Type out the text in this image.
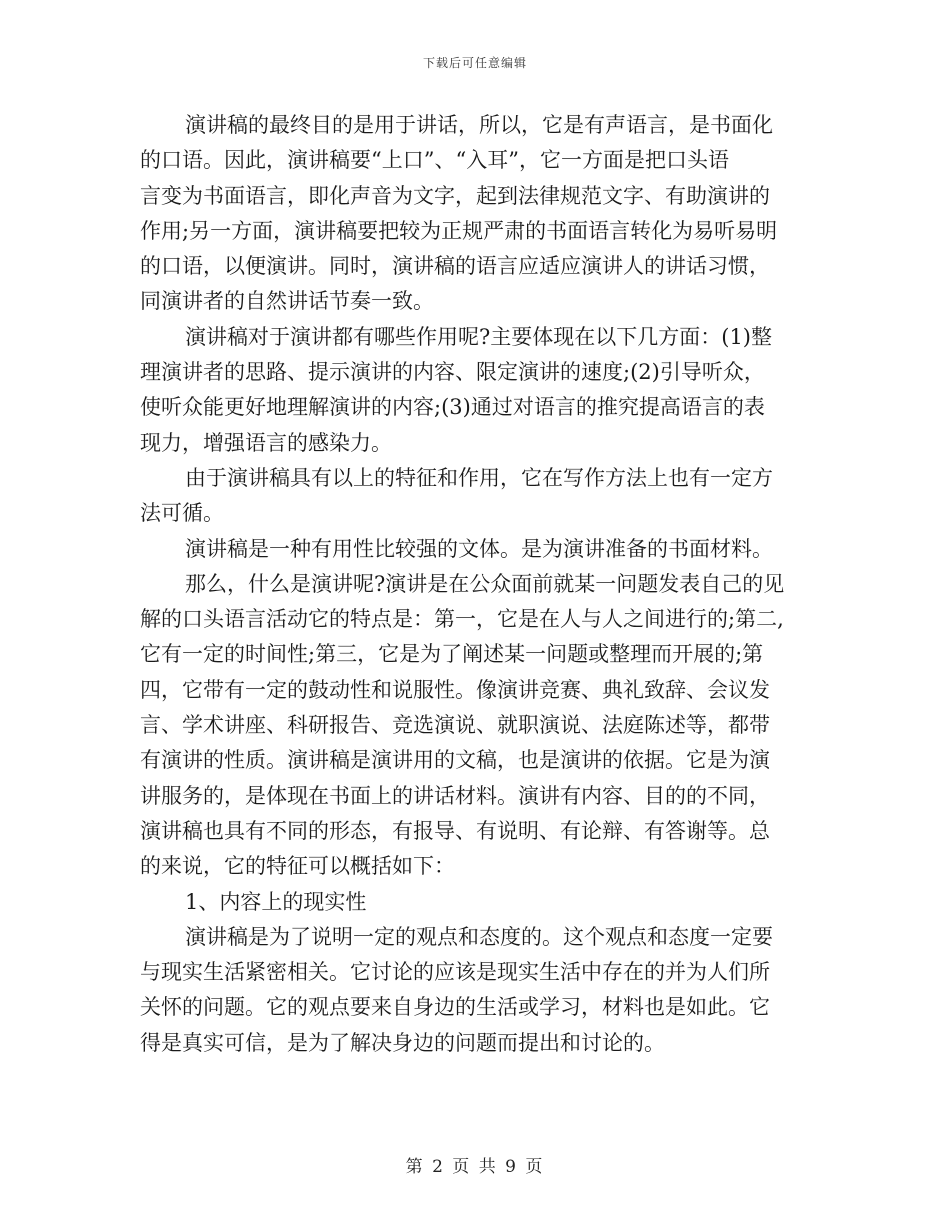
下载后可任意编辑
演讲稿的最终目的是用于讲话，所以，它是有声语言，是书面化
的口语。因此，演讲稿要“上口”、“入耳”，它一方面是把口头语
言变为书面语言，即化声音为文字，起到法律规范文字、有助演讲的
作用;另一方面，演讲稿要把较为正规严肃的书面语言转化为易听易明
的口语，以便演讲。同时，演讲稿的语言应适应演讲人的讲话习惯，
同演讲者的自然讲话节奏一致。
演讲稿对于演讲都有哪些作用呢?主要体现在以下几方面：(1)整
理演讲者的思路、提示演讲的内容、限定演讲的速度;(2)引导听众，
使听众能更好地理解演讲的内容;(3)通过对语言的推究提高语言的表
现力，增强语言的感染力。
由于演讲稿具有以上的特征和作用，它在写作方法上也有一定方
法可循。
演讲稿是一种有用性比较强的文体。是为演讲准备的书面材料。
那么，什么是演讲呢?演讲是在公众面前就某一问题发表自己的见
解的口头语言活动它的特点是：第一，它是在人与人之间进行的;第二,
它有一定的时间性;第三，它是为了阐述某一问题或整理而开展的;第
四，它带有一定的鼓动性和说服性。像演讲竞赛、典礼致辞、会议发
言、学术讲座、科研报告、竞选演说、就职演说、法庭陈述等，都带
有演讲的性质。演讲稿是演讲用的文稿，也是演讲的依据。它是为演
讲服务的，是体现在书面上的讲话材料。演讲有内容、目的的不同，
演讲稿也具有不同的形态，有报导、有说明、有论辩、有答谢等。总
的来说，它的特征可以概括如下：
1、内容上的现实性
演讲稿是为了说明一定的观点和态度的。这个观点和态度一定要
与现实生活紧密相关。它讨论的应该是现实生活中存在的并为人们所
关怀的问题。它的观点要来自身边的生活或学习，材料也是如此。它
得是真实可信，是为了解决身边的问题而提出和讨论的。
第 2 页 共 9 页
